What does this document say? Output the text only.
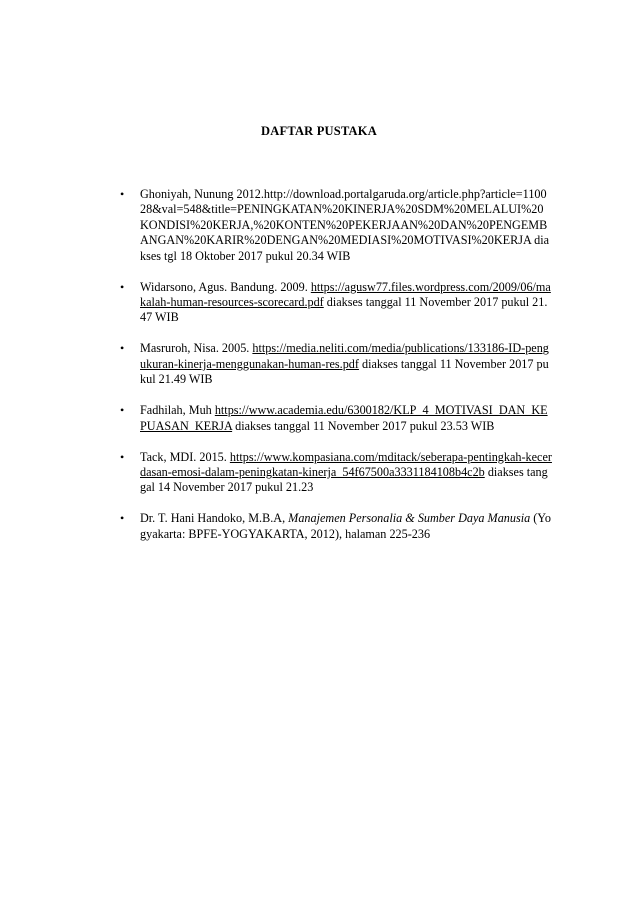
DAFTAR PUSTAKA
• Ghoniyah, Nunung 2012.http://download.portalgaruda.org/article.php?article=110028&val=548&title=PENINGKATAN%20KINERJA%20SDM%20MELALUI%20KONDISI%20KERJA,%20KONTEN%20PEKERJAAN%20DAN%20PENGEMBANGAN%20KARIR%20DENGAN%20MEDIASI%20MOTIVASI%20KERJA diakses tgl 18 Oktober 2017 pukul 20.34 WIB
• Widarsono, Agus. Bandung. 2009. https://agusw77.files.wordpress.com/2009/06/makalah-human-resources-scorecard.pdf diakses tanggal 11 November 2017 pukul 21.47 WIB
• Masruroh, Nisa. 2005. https://media.neliti.com/media/publications/133186-ID-pengukuran-kinerja-menggunakan-human-res.pdf diakses tanggal 11 November 2017 pukul 21.49 WIB
• Fadhilah, Muh https://www.academia.edu/6300182/KLP_4_MOTIVASI_DAN_KEPUASAN_KERJA diakses tanggal 11 November 2017 pukul 23.53 WIB
• Tack, MDI. 2015. https://www.kompasiana.com/mditack/seberapa-pentingkah-kecerdasan-emosi-dalam-peningkatan-kinerja_54f67500a3331184108b4c2b diakses tanggal 14 November 2017 pukul 21.23
• Dr. T. Hani Handoko, M.B.A, Manajemen Personalia & Sumber Daya Manusia (Yogyakarta: BPFE-YOGYAKARTA, 2012), halaman 225-236
